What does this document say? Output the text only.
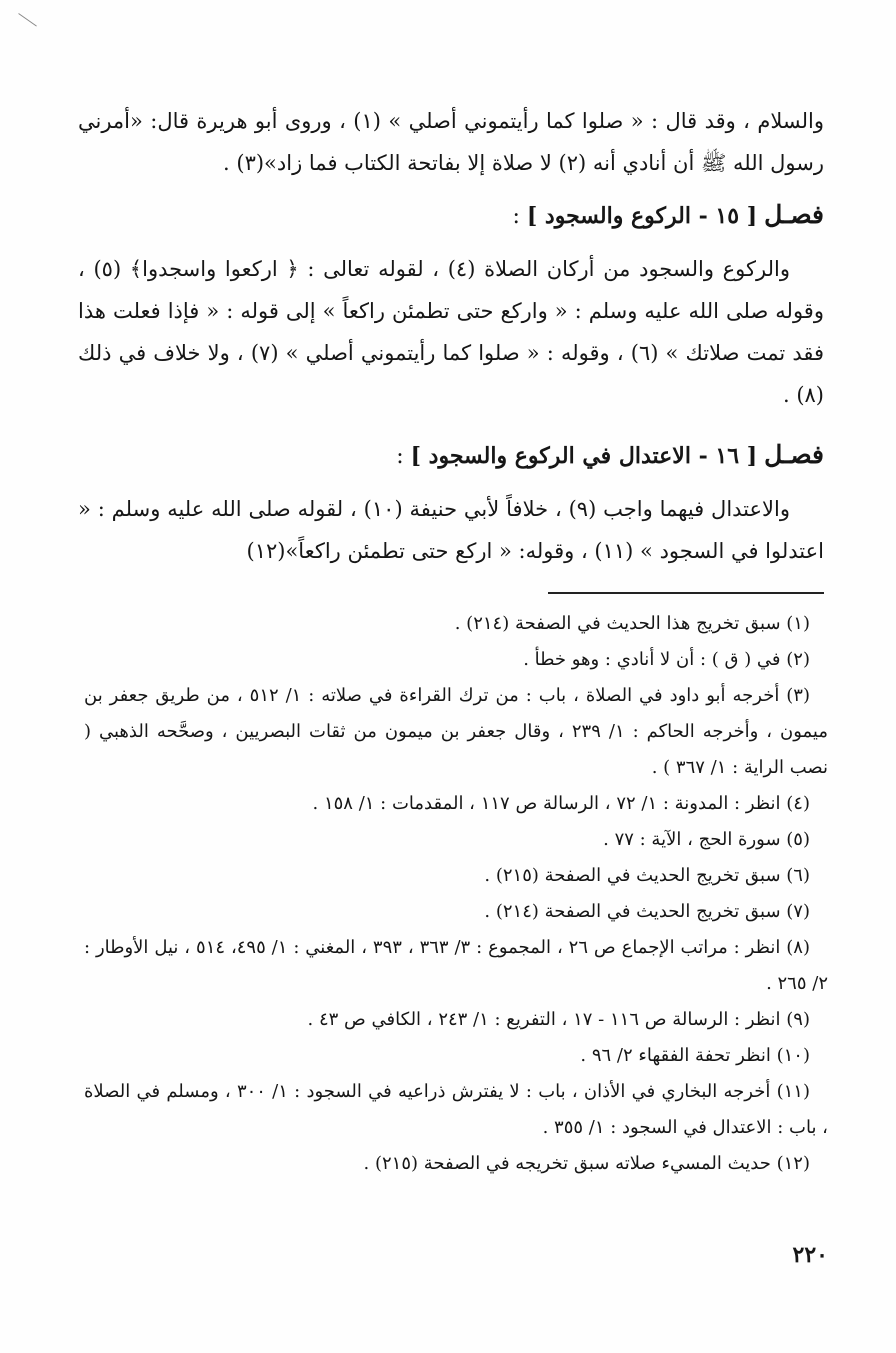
والسلام ، وقد قال : « صلوا كما رأيتموني أصلي » (١) ، وروى أبو هريرة قال: «أمرني رسول الله ﷺ أن أنادي أنه (٢) لا صلاة إلا بفاتحة الكتاب فما زاد»(٣) .

فصـل [ ١٥ - الركوع والسجود ] :

والركوع والسجود من أركان الصلاة (٤) ، لقوله تعالى : ﴿ اركعوا واسجدوا﴾ (٥) ، وقوله صلى الله عليه وسلم : « واركع حتى تطمئن راكعاً » إلى قوله : « فإذا فعلت هذا فقد تمت صلاتك » (٦) ، وقوله : « صلوا كما رأيتموني أصلي » (٧) ، ولا خلاف في ذلك (٨) .

فصـل [ ١٦ - الاعتدال في الركوع والسجود ] :

والاعتدال فيهما واجب (٩) ، خلافاً لأبي حنيفة (١٠) ، لقوله صلى الله عليه وسلم : « اعتدلوا في السجود » (١١) ، وقوله: « اركع حتى تطمئن راكعاً»(١٢)

(١) سبق تخريج هذا الحديث في الصفحة (٢١٤) .

(٢) في ( ق ) : أن لا أنادي : وهو خطأ .

(٣) أخرجه أبو داود في الصلاة ، باب : من ترك القراءة في صلاته : ١/ ٥١٢ ، من طريق جعفر بن ميمون ، وأخرجه الحاكم : ١/ ٢٣٩ ، وقال جعفر بن ميمون من ثقات البصريين ، وصحَّحه الذهبي ( نصب الراية : ١/ ٣٦٧ ) .

(٤) انظر : المدونة : ١/ ٧٢ ، الرسالة ص ١١٧ ، المقدمات : ١/ ١٥٨ .

(٥) سورة الحج ، الآية : ٧٧ .

(٦) سبق تخريج الحديث في الصفحة (٢١٥) .

(٧) سبق تخريج الحديث في الصفحة (٢١٤) .

(٨) انظر : مراتب الإجماع ص ٢٦ ، المجموع : ٣/ ٣٦٣ ، ٣٩٣ ، المغني : ١/ ٤٩٥، ٥١٤ ، نيل الأوطار : ٢/ ٢٦٥ .

(٩) انظر : الرسالة ص ١١٦ - ١٧ ، التفريع : ١/ ٢٤٣ ، الكافي ص ٤٣ .

(١٠) انظر تحفة الفقهاء ٢/ ٩٦ .

(١١) أخرجه البخاري في الأذان ، باب : لا يفترش ذراعيه في السجود : ١/ ٣٠٠ ، ومسلم في الصلاة ، باب : الاعتدال في السجود : ١/ ٣٥٥ .

(١٢) حديث المسيء صلاته سبق تخريجه في الصفحة (٢١٥) .

٢٢٠
